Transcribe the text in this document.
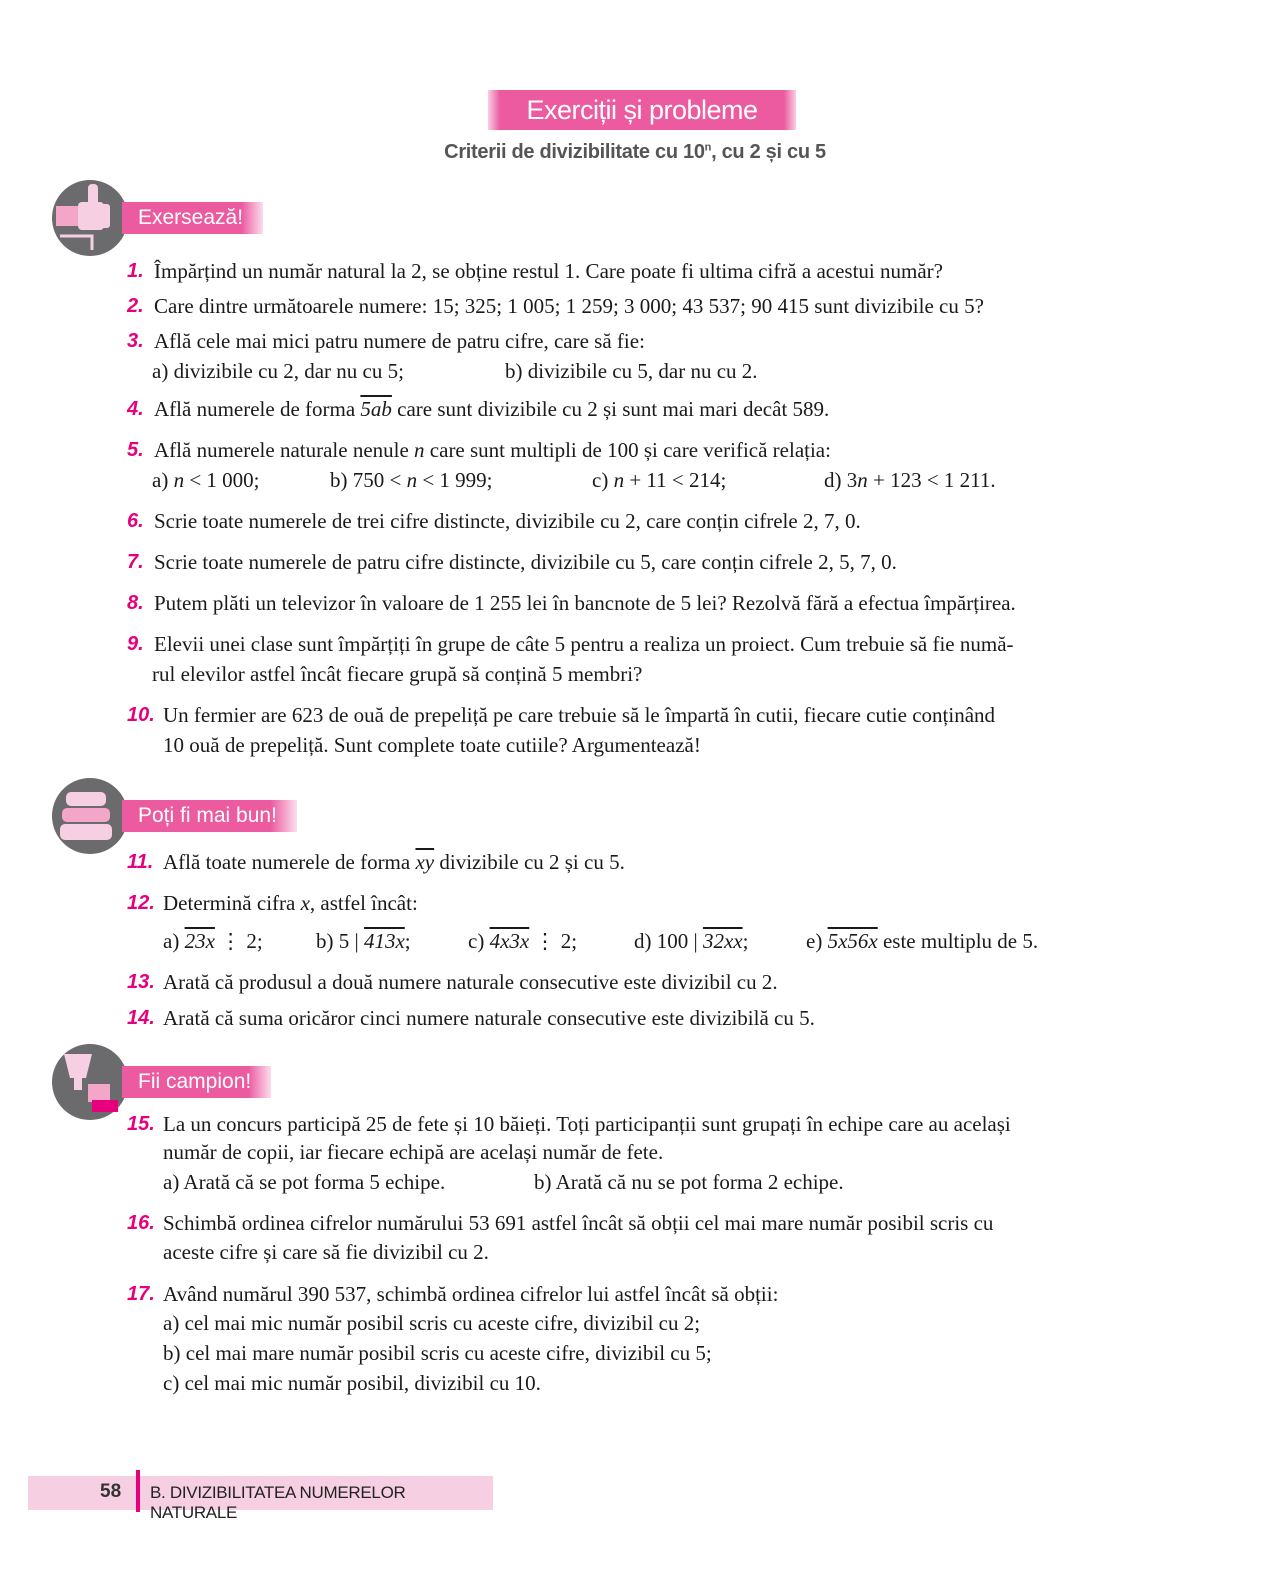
Exerciții și probleme
Criterii de divizibilitate cu 10$^n$, cu 2 și cu 5
Exersează!
Poți fi mai bun!
Fii campion!
1. Împărțind un număr natural la 2, se obține restul 1. Care poate fi ultima cifră a acestui număr?
2. Care dintre următoarele numere: 15; 325; 1 005; 1 259; 3 000; 43 537; 90 415 sunt divizibile cu 5?
3. Află cele mai mici patru numere de patru cifre, care să fie:
a) divizibile cu 2, dar nu cu 5;	b) divizibile cu 5, dar nu cu 2.
4. Află numerele de forma 5ab care sunt divizibile cu 2 și sunt mai mari decât 589.
5. Află numerele naturale nenule n care sunt multipli de 100 și care verifică relația:
a) n < 1 000;	b) 750 < n < 1 999;	c) n + 11 < 214;	d) 3n + 123 < 1 211.
6. Scrie toate numerele de trei cifre distincte, divizibile cu 2, care conțin cifrele 2, 7, 0.
7. Scrie toate numerele de patru cifre distincte, divizibile cu 5, care conțin cifrele 2, 5, 7, 0.
8. Putem plăti un televizor în valoare de 1 255 lei în bancnote de 5 lei? Rezolvă fără a efectua împărțirea.
9. Elevii unei clase sunt împărțiți în grupe de câte 5 pentru a realiza un proiect. Cum trebuie să fie numă-
rul elevilor astfel încât fiecare grupă să conțină 5 membri?
10. Un fermier are 623 de ouă de prepeliță pe care trebuie să le împartă în cutii, fiecare cutie conținând
10 ouă de prepeliță. Sunt complete toate cutiile? Argumentează!
11. Află toate numerele de forma $\overline{xy}$ divizibile cu 2 și cu 5.
12. Determină cifra x, astfel încât:
a) 23x ⋮ 2;	b) 5 | 413x;	c) 4x3x ⋮ 2;	d) 100 | 32xx;	e) 5x56x este multiplu de 5.
13. Arată că produsul a două numere naturale consecutive este divizibil cu 2.
14. Arată că suma oricăror cinci numere naturale consecutive este divizibilă cu 5.
15. La un concurs participă 25 de fete și 10 băieți. Toți participanții sunt grupați în echipe care au același
număr de copii, iar fiecare echipă are același număr de fete.
a) Arată că se pot forma 5 echipe.	b) Arată că nu se pot forma 2 echipe.
16. Schimbă ordinea cifrelor numărului 53 691 astfel încât să obții cel mai mare număr posibil scris cu
aceste cifre și care să fie divizibil cu 2.
17. Având numărul 390 537, schimbă ordinea cifrelor lui astfel încât să obții:
a) cel mai mic număr posibil scris cu aceste cifre, divizibil cu 2;
b) cel mai mare număr posibil scris cu aceste cifre, divizibil cu 5;
c) cel mai mic număr posibil, divizibil cu 10.
58 B. DIVIZIBILITATEA NUMERELOR NATURALE
